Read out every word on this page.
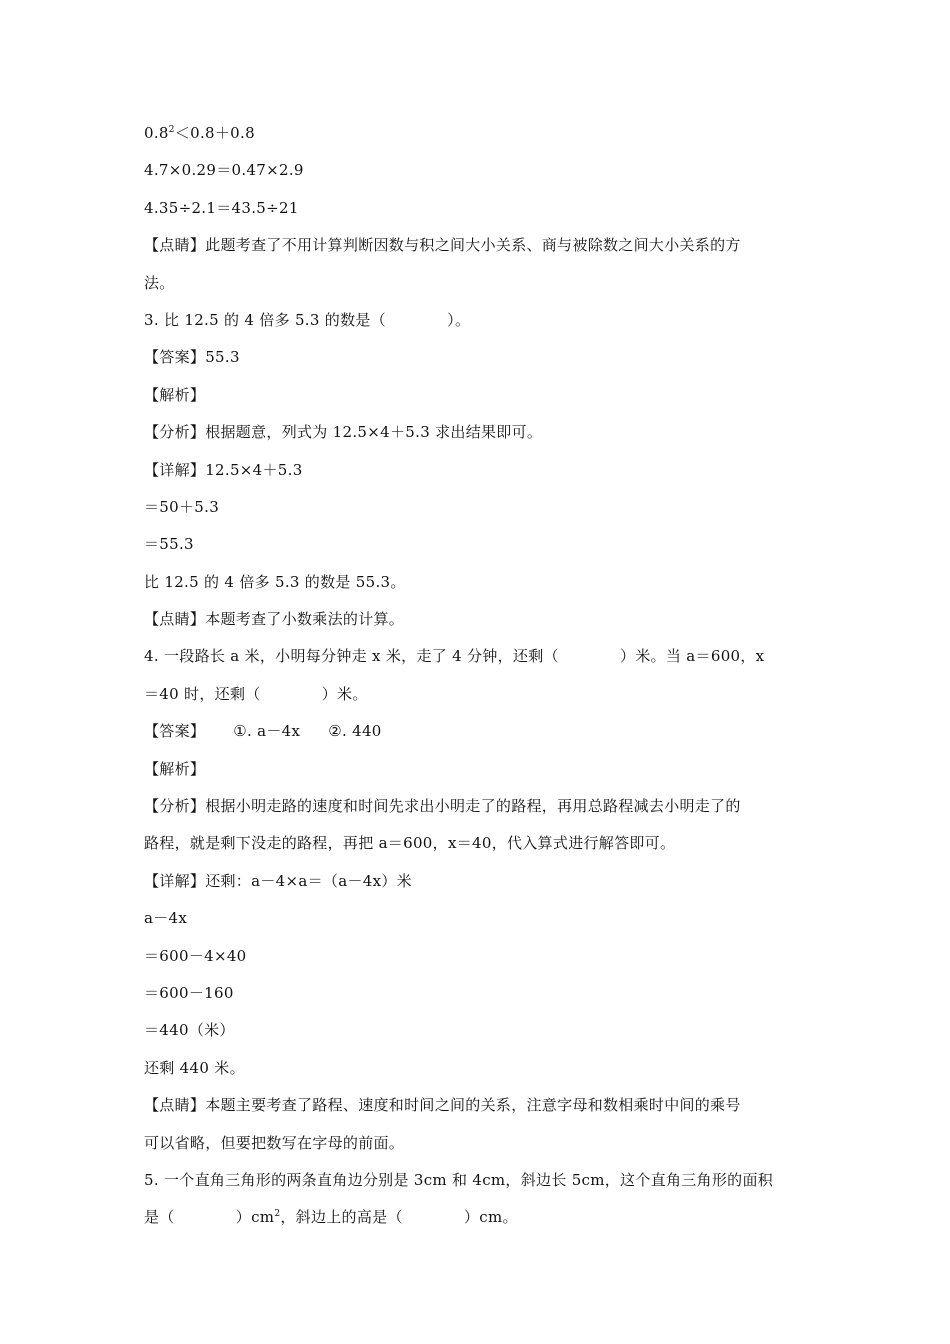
$0.8^2<0.8+0.8$
4.7×0.29＝0.47×2.9
4.35÷2.1＝43.5÷21
【点睛】此题考查了不用计算判断因数与积之间大小关系、商与被除数之间大小关系的方
法。
3. 比 12.5 的 4 倍多 5.3 的数是（　　　　）。
【答案】55.3
【解析】
【分析】根据题意，列式为 12.5×4＋5.3 求出结果即可。
【详解】12.5×4＋5.3
＝50＋5.3
＝55.3
比 12.5 的 4 倍多 5.3 的数是 55.3。
【点睛】本题考查了小数乘法的计算。
4. 一段路长 a 米，小明每分钟走 x 米，走了 4 分钟，还剩（　　　　）米。当 a＝600，x
＝40 时，还剩（　　　　）米。
【答案】 ①. a－4x ②. 440
【解析】
【分析】根据小明走路的速度和时间先求出小明走了的路程，再用总路程减去小明走了的
路程，就是剩下没走的路程，再把 a＝600，x＝40，代入算式进行解答即可。
【详解】还剩：a－4×a＝（a－4x）米
a－4x
＝600－4×40
＝600－160
＝440（米）
还剩 440 米。
【点睛】本题主要考查了路程、速度和时间之间的关系，注意字母和数相乘时中间的乘号
可以省略，但要把数写在字母的前面。
5. 一个直角三角形的两条直角边分别是 3cm 和 4cm，斜边长 5cm，这个直角三角形的面积
是（　　　　）$cm^2$，斜边上的高是（　　　　）cm。
